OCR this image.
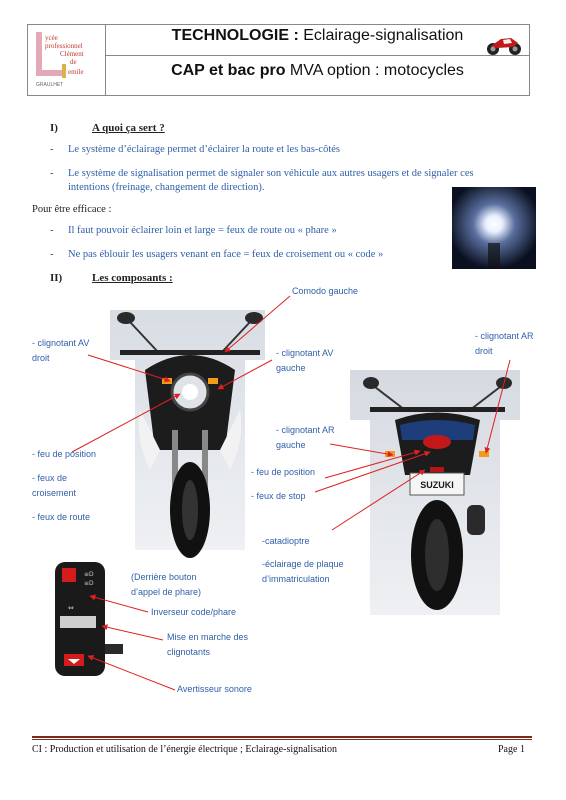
ycée
professionnel
Clément
de
emile
GRAULHET
TECHNOLOGIE : Eclairage-signalisation
CAP et bac pro MVA option : motocycles
I)	A quoi ça sert ?
- Le système d’éclairage permet d’éclairer la route et les bas-côtés
- Le système de signalisation permet de signaler son véhicule aux autres usagers et de signaler ces
intentions (freinage, changement de direction).
Pour être efficace :
- Il faut pouvoir éclairer loin et large = feux de route ou « phare »
- Ne pas éblouir les usagers venant en face = feux de croisement ou « code »
II)	Les composants :
SUZUKI
≡D
≡D
⇔
Comodo gauche
- clignotant AV
droit	- clignotant AV
gauche
- clignotant AR
droit
- clignotant AR
gauche
- feu de position
- feux de
croisement
- feux de route
- feu de position
- feux de stop
-catadioptre
-éclairage de plaque
d’immatriculation
(Derrière bouton
d’appel de phare)
Inverseur code/phare
Mise en marche des
clignotants
Avertisseur sonore
CI : Production et utilisation de l’énergie électrique ; Eclairage-signalisation	Page 1
